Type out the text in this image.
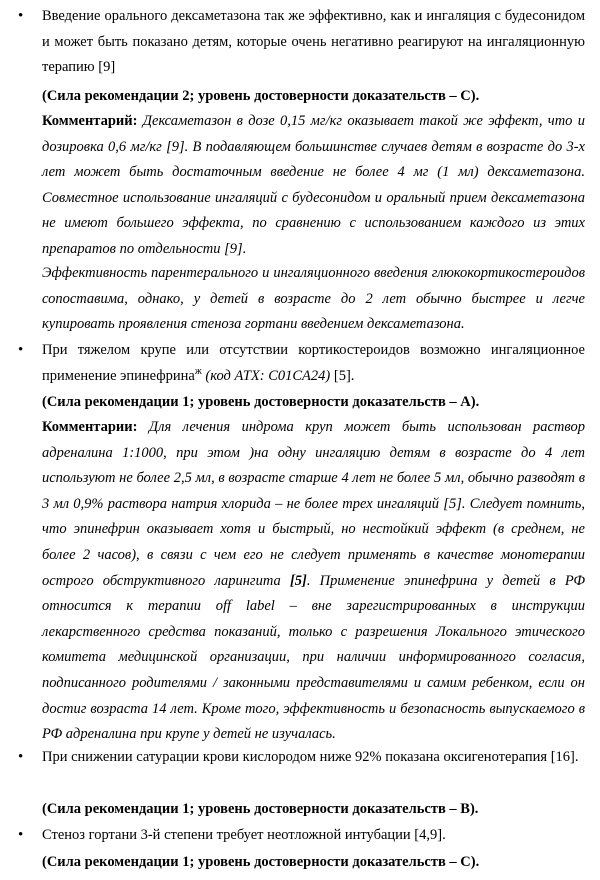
• Введение орального дексаметазона так же эффективно, как и ингаляция с будесонидом и может быть показано детям, которые очень негативно реагируют на ингаляционную терапию [9]
(Сила рекомендации 2; уровень достоверности доказательств – С).
Комментарий: Дексаметазон в дозе 0,15 мг/кг оказывает такой же эффект, что и дозировка 0,6 мг/кг [9]. В подавляющем большинстве случаев детям в возрасте до 3-х лет может быть достаточным введение не более 4 мг (1 мл) дексаметазона. Совместное использование ингаляций с будесонидом и оральный прием дексаметазона не имеют большего эффекта, по сравнению с использованием каждого из этих препаратов по отдельности [9].
Эффективность парентерального и ингаляционного введения глюкокортикостероидов сопоставима, однако, у детей в возрасте до 2 лет обычно быстрее и легче купировать проявления стеноза гортани введением дексаметазона.
• При тяжелом крупе или отсутствии кортикостероидов возможно ингаляционное применение эпинефрина$^ж$ (код ATX: C01CA24) [5].
(Сила рекомендации 1; уровень достоверности доказательств – А).
Комментарии: Для лечения индрома круп может быть использован раствор адреналина 1:1000, при этом )на одну ингаляцию детям в возрасте до 4 лет используют не более 2,5 мл, в возрасте старше 4 лет не более 5 мл, обычно разводят в 3 мл 0,9% раствора натрия хлорида – не более трех ингаляций [5]. Следует помнить, что эпинефрин оказывает хотя и быстрый, но нестойкий эффект (в среднем, не более 2 часов), в связи с чем его не следует применять в качестве монотерапии острого обструктивного ларингита [5]. Применение эпинефрина у детей в РФ относится к терапии off label – вне зарегистрированных в инструкции лекарственного средства показаний, только с разрешения Локального этического комитета медицинской организации, при наличии информированного согласия, подписанного родителями / законными представителями и самим ребенком, если он достиг возраста 14 лет. Кроме того, эффективность и безопасность выпускаемого в РФ адреналина при крупе у детей не изучалась.
• При снижении сатурации крови кислородом ниже 92% показана оксигенотерапия [16].
(Сила рекомендации 1; уровень достоверности доказательств – В).
• Стеноз гортани 3-й степени требует неотложной интубации [4,9].
(Сила рекомендации 1; уровень достоверности доказательств – С).
